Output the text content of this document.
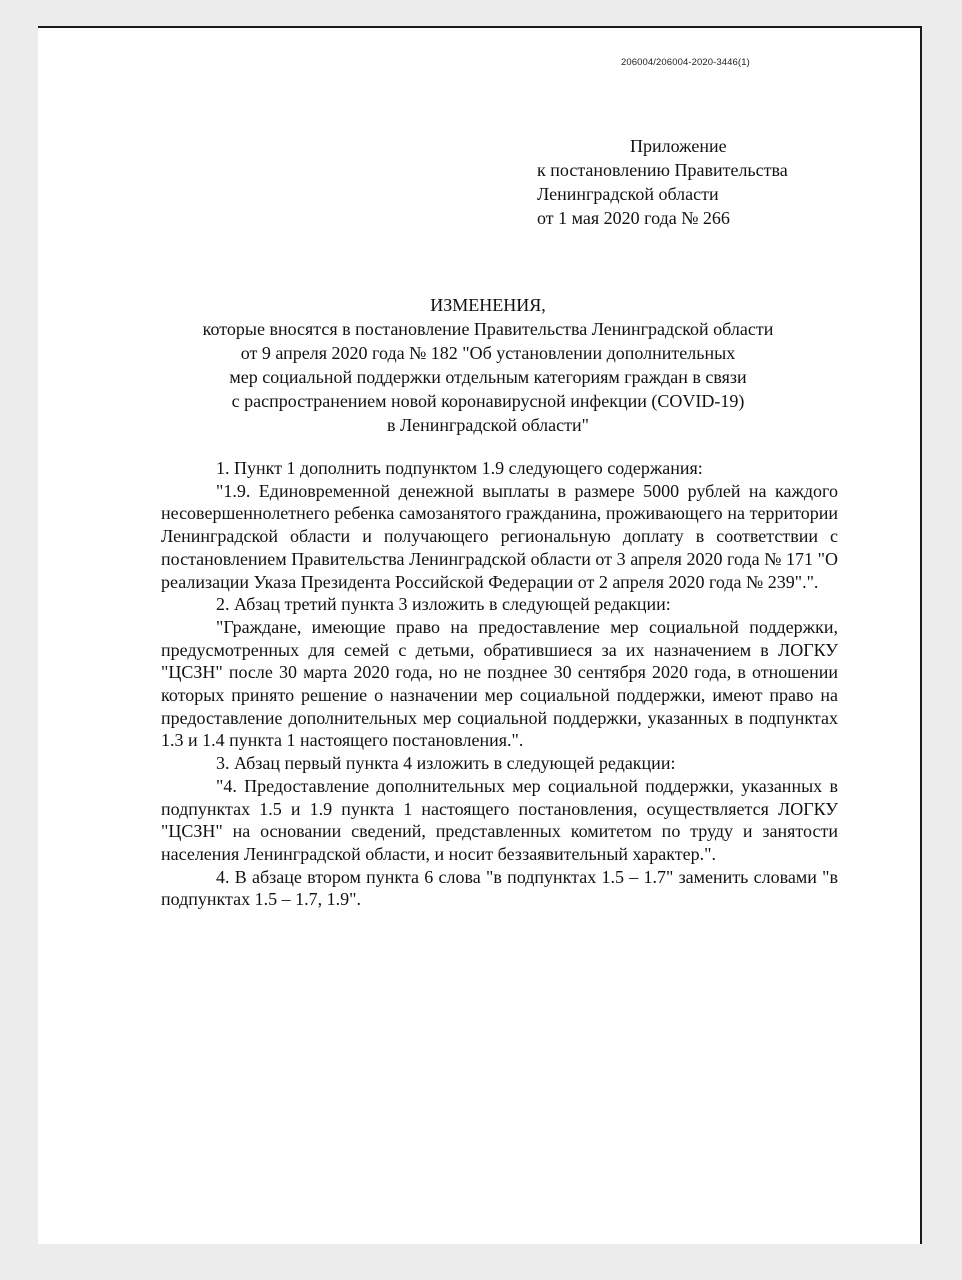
206004/206004-2020-3446(1)
Приложение
к постановлению Правительства
Ленинградской области
от 1 мая 2020 года № 266
ИЗМЕНЕНИЯ,
которые вносятся в постановление Правительства Ленинградской области
от 9 апреля 2020 года № 182 "Об установлении дополнительных
мер социальной поддержки отдельным категориям граждан в связи
с распространением новой коронавирусной инфекции (COVID-19)
в Ленинградской области"

1. Пункт 1 дополнить подпунктом 1.9 следующего содержания:

"1.9. Единовременной денежной выплаты в размере 5000 рублей на каждого несовершеннолетнего ребенка самозанятого гражданина, проживающего на территории Ленинградской области и получающего региональную доплату в соответствии с постановлением Правительства Ленинградской области от 3 апреля 2020 года № 171 "О реализации Указа Президента Российской Федерации от 2 апреля 2020 года № 239".".

2. Абзац третий пункта 3 изложить в следующей редакции:

"Граждане, имеющие право на предоставление мер социальной поддержки, предусмотренных для семей с детьми, обратившиеся за их назначением в ЛОГКУ "ЦСЗН" после 30 марта 2020 года, но не позднее 30 сентября 2020 года, в отношении которых принято решение о назначении мер социальной поддержки, имеют право на предоставление дополнительных мер социальной поддержки, указанных в подпунктах 1.3 и 1.4 пункта 1 настоящего постановления.".

3. Абзац первый пункта 4 изложить в следующей редакции:

"4. Предоставление дополнительных мер социальной поддержки, указанных в подпунктах 1.5 и 1.9 пункта 1 настоящего постановления, осуществляется ЛОГКУ "ЦСЗН" на основании сведений, представленных комитетом по труду и занятости населения Ленинградской области, и носит беззаявительный характер.".

4. В абзаце втором пункта 6 слова "в подпунктах 1.5 – 1.7" заменить словами "в подпунктах 1.5 – 1.7, 1.9".
